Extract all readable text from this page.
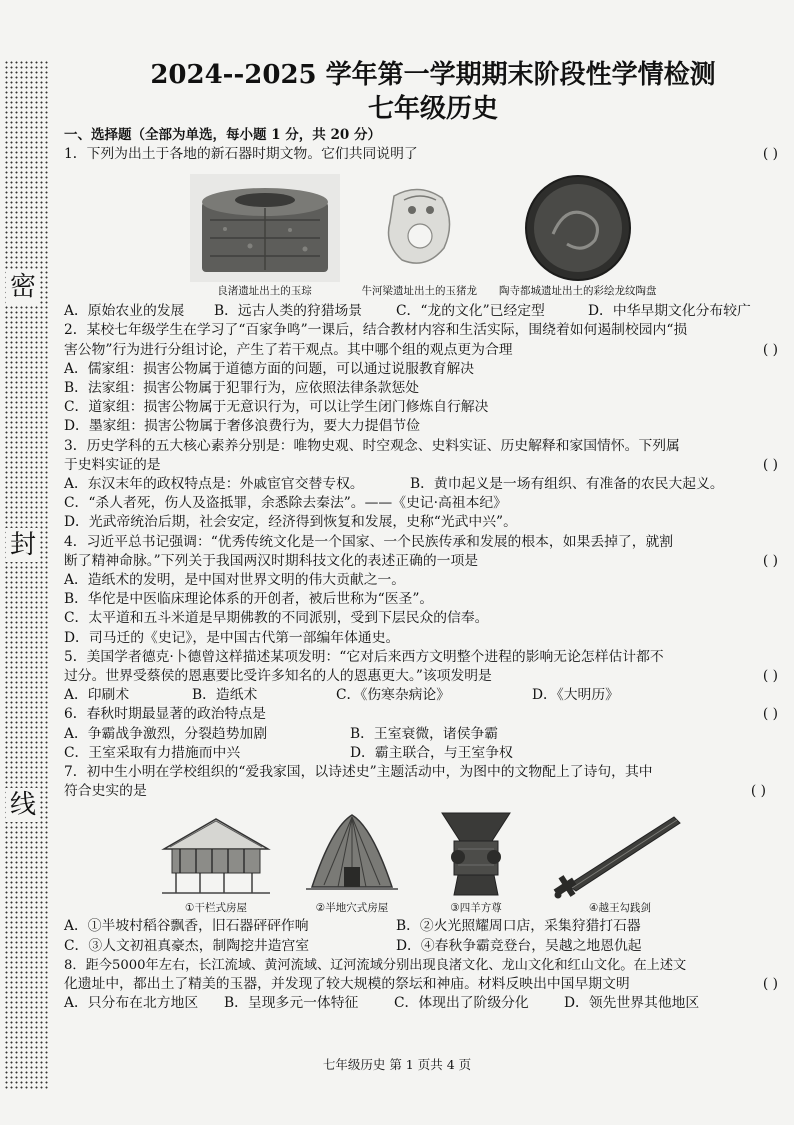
密
封
线
2024--2025 学年第一学期期末阶段性学情检测
七年级历史
一、选择题（全部为单选，每小题 1 分，共 20 分）
1．下列为出土于各地的新石器时期文物。它们共同说明了	( )
良渚遗址出土的玉琮	牛河梁遗址出土的玉猪龙 陶寺都城遗址出土的彩绘龙纹陶盘
A．原始农业的发展	B．远古人类的狩猎场景	C．“龙的文化”已经定型	D．中华早期文化分布较广
2．某校七年级学生在学习了“百家争鸣”一课后，结合教材内容和生活实际，围绕着如何遏制校园内“损
害公物”行为进行分组讨论，产生了若干观点。其中哪个组的观点更为合理	( )
A．儒家组：损害公物属于道德方面的问题，可以通过说服教育解决
B．法家组：损害公物属于犯罪行为，应依照法律条款惩处
C．道家组：损害公物属于无意识行为，可以让学生闭门修炼自行解决
D．墨家组：损害公物属于奢侈浪费行为，要大力提倡节俭
3．历史学科的五大核心素养分别是：唯物史观、时空观念、史料实证、历史解释和家国情怀。下列属
于史料实证的是	( )
A．东汉末年的政权特点是：外戚宦官交替专权。	B．黄巾起义是一场有组织、有准备的农民大起义。
C．“杀人者死，伤人及盗抵罪，余悉除去秦法”。——《史记·高祖本纪》
D．光武帝统治后期，社会安定，经济得到恢复和发展，史称“光武中兴”。
4．习近平总书记强调：“优秀传统文化是一个国家、一个民族传承和发展的根本，如果丢掉了，就割
断了精神命脉。”下列关于我国两汉时期科技文化的表述正确的一项是	( )
A．造纸术的发明，是中国对世界文明的伟大贡献之一。
B．华佗是中医临床理论体系的开创者，被后世称为“医圣”。
C．太平道和五斗米道是早期佛教的不同派别，受到下层民众的信奉。
D．司马迁的《史记》，是中国古代第一部编年体通史。
5．美国学者德克·卜德曾这样描述某项发明：“它对后来西方文明整个进程的影响无论怎样估计都不
过分。世界受蔡侯的恩惠要比受许多知名的人的恩惠更大。”该项发明是	( )
A．印刷术	B．造纸术	C．《伤寒杂病论》	D．《大明历》
6．春秋时期最显著的政治特点是	( )
A．争霸战争激烈，分裂趋势加剧	B．王室衰微，诸侯争霸
C．王室采取有力措施而中兴	D．霸主联合，与王室争权
7．初中生小明在学校组织的“爱我家国，以诗述史”主题活动中，为图中的文物配上了诗句，其中
符合史实的是	( )
①干栏式房屋	②半地穴式房屋	③四羊方尊	④越王勾践剑
A．①半坡村稻谷飘香，旧石器砰砰作响	B．②火光照耀周口店，采集狩猎打石器
C．③人文初祖真豪杰，制陶挖井造宫室	D．④春秋争霸竞登台，吴越之地恩仇起
8．距今5000年左右，长江流域、黄河流域、辽河流域分别出现良渚文化、龙山文化和红山文化。在上述文
化遗址中，都出土了精美的玉器，并发现了较大规模的祭坛和神庙。材料反映出中国早期文明	( )
A．只分布在北方地区	B．呈现多元一体特征	C．体现出了阶级分化	D．领先世界其他地区
七年级历史 第 1 页共 4 页
